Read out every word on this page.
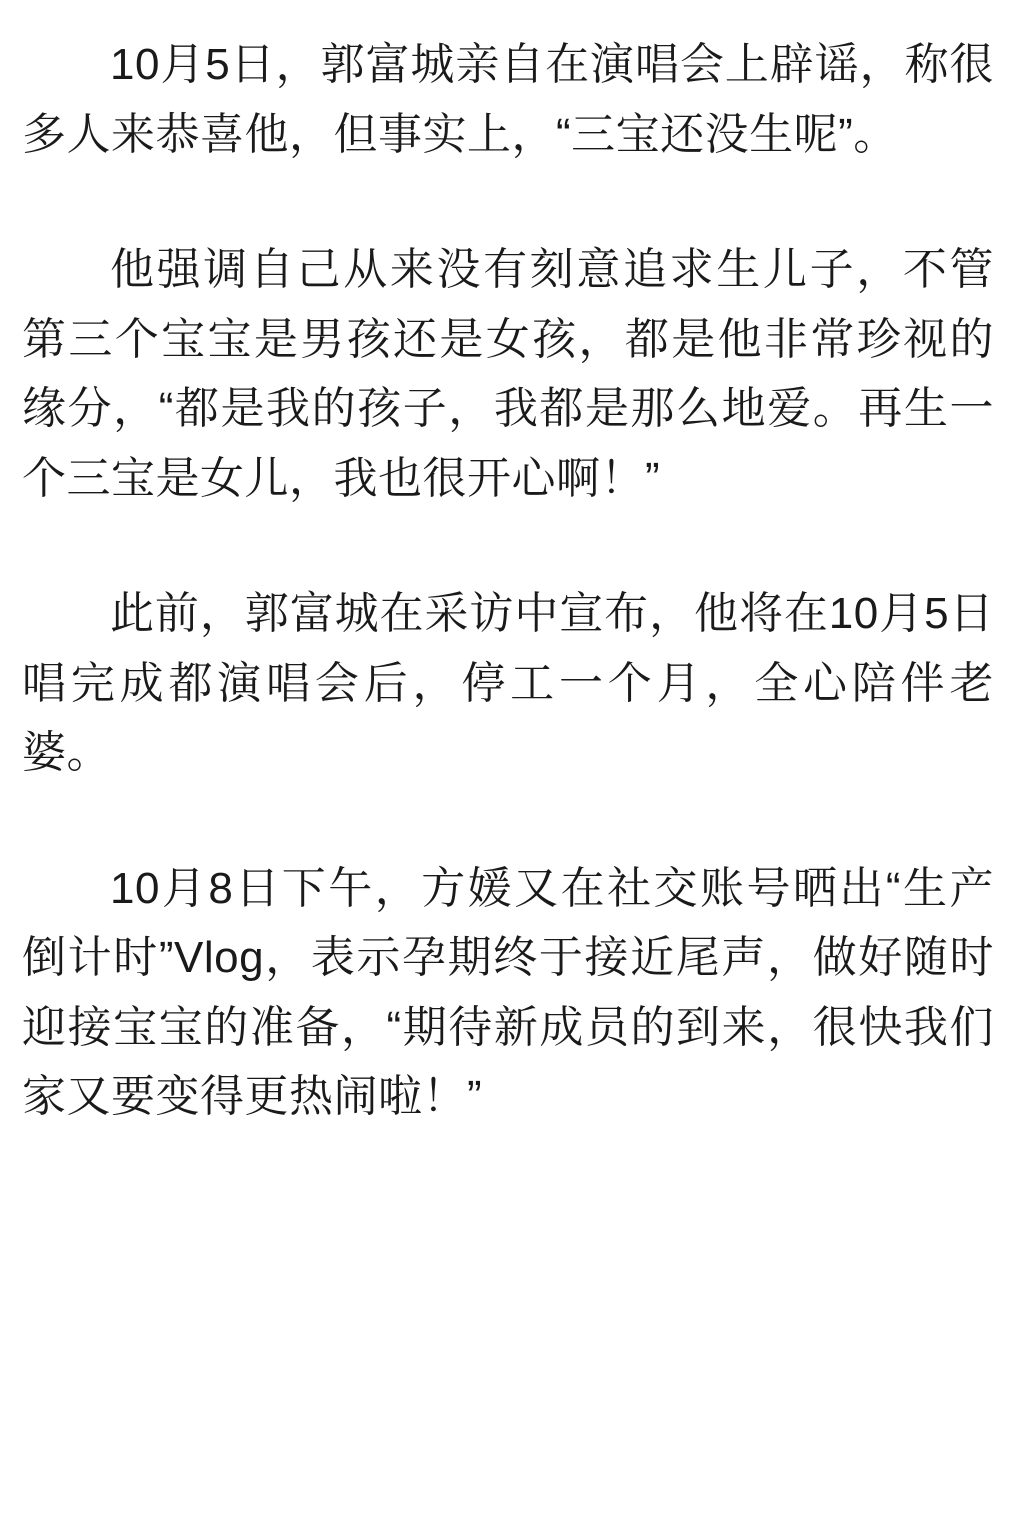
10月5日，郭富城亲自在演唱会上辟谣，称很多人来恭喜他，但事实上，“三宝还没生呢”。

他强调自己从来没有刻意追求生儿子，不管第三个宝宝是男孩还是女孩，都是他非常珍视的缘分，“都是我的孩子，我都是那么地爱。再生一个三宝是女儿，我也很开心啊！”

此前，郭富城在采访中宣布，他将在10月5日唱完成都演唱会后，停工一个月，全心陪伴老婆。

10月8日下午，方媛又在社交账号晒出“生产倒计时”Vlog，表示孕期终于接近尾声，做好随时迎接宝宝的准备，“期待新成员的到来，很快我们家又要变得更热闹啦！”
